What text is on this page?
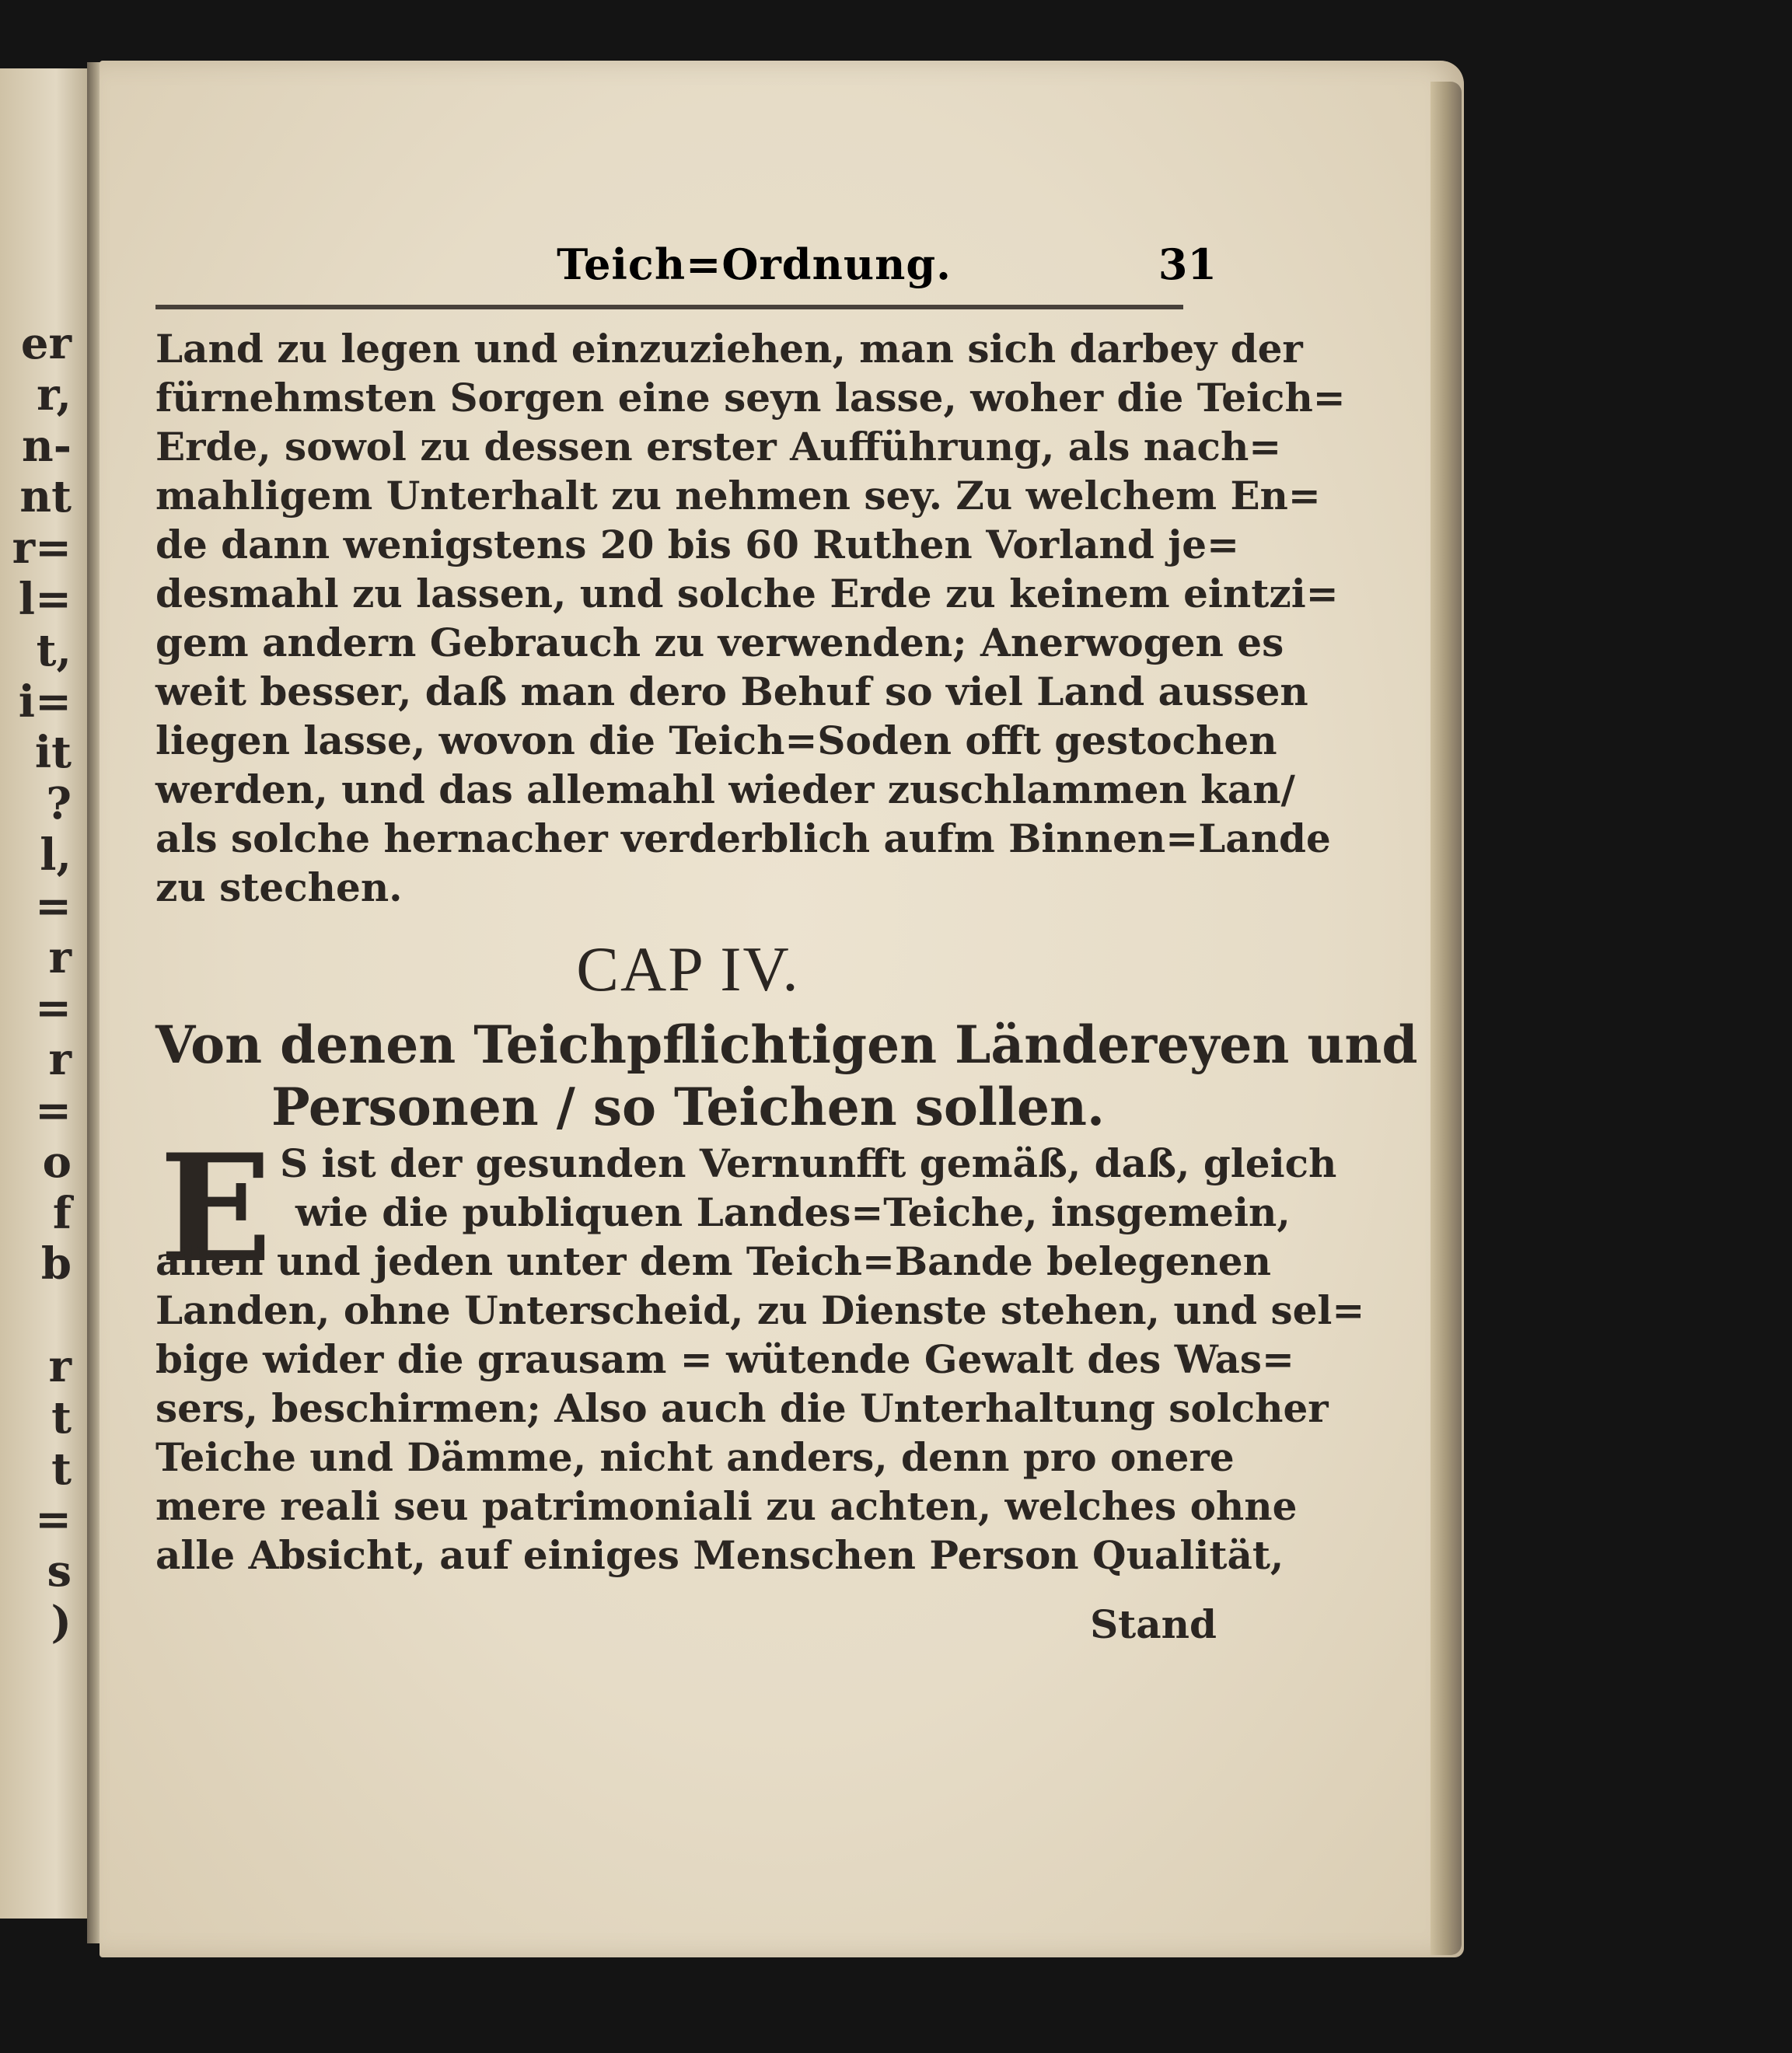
er
r,
n-
nt
r=
l=
t,
i=
it
?
l,
=
r
=
r
=
o
f
b
r
t
t
=
s
)
Teich=Ordnung.	31
Land zu legen und einzuziehen, man sich darbey der
fürnehmsten Sorgen eine seyn lasse, woher die Teich=
Erde, sowol zu dessen erster Aufführung, als nach=
mahligem Unterhalt zu nehmen sey. Zu welchem En=
de dann wenigstens 20 bis 60 Ruthen Vorland je=
desmahl zu lassen, und solche Erde zu keinem eintzi=
gem andern Gebrauch zu verwenden; Anerwogen es
weit besser, daß man dero Behuf so viel Land aussen
liegen lasse, wovon die Teich=Soden offt gestochen
werden, und das allemahl wieder zuschlammen kan/
als solche hernacher verderblich aufm Binnen=Lande
zu stechen.
CAP IV.
Von denen Teichpflichtigen Ländereyen und
Personen / so Teichen sollen.
E S ist der gesunden Vernunfft gemäß, daß, gleich
wie die publiquen Landes=Teiche, insgemein,
allen und jeden unter dem Teich=Bande belegenen
Landen, ohne Unterscheid, zu Dienste stehen, und sel=
bige wider die grausam = wütende Gewalt des Was=
sers, beschirmen; Also auch die Unterhaltung solcher
Teiche und Dämme, nicht anders, denn pro onere
mere reali seu patrimoniali zu achten, welches ohne
alle Absicht, auf einiges Menschen Person Qualität,
Stand
